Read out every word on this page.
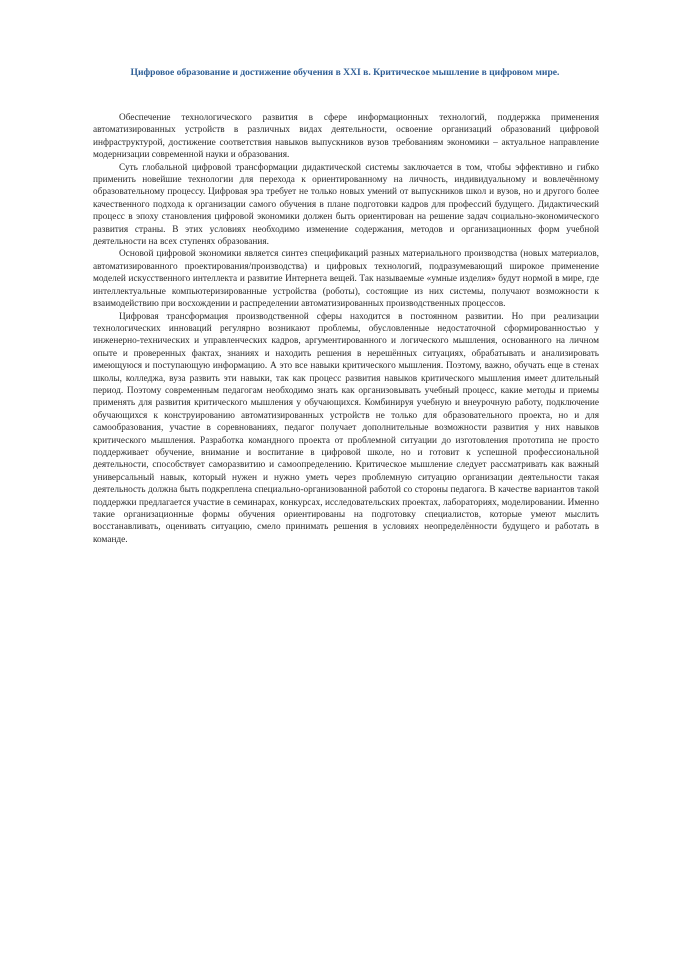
Цифровое образование и достижение обучения в XXI в. Критическое мышление в цифровом мире.

Обеспечение технологического развития в сфере информационных технологий, поддержка применения автоматизированных устройств в различных видах деятельности, освоение организаций образований цифровой инфраструктурой, достижение соответствия навыков выпускников вузов требованиям экономики – актуальное направление модернизации современной науки и образования.

Суть глобальной цифровой трансформации дидактической системы заключается в том, чтобы эффективно и гибко применить новейшие технологии для перехода к ориентированному на личность, индивидуальному и вовлечённому образовательному процессу. Цифровая эра требует не только новых умений от выпускников школ и вузов, но и другого более качественного подхода к организации самого обучения в плане подготовки кадров для профессий будущего. Дидактический процесс в эпоху становления цифровой экономики должен быть ориентирован на решение задач социально-экономического развития страны. В этих условиях необходимо изменение содержания, методов и организационных форм учебной деятельности на всех ступенях образования.

Основой цифровой экономики является синтез спецификаций разных материального производства (новых материалов, автоматизированного проектирования/производства) и цифровых технологий, подразумевающий широкое применение моделей искусственного интеллекта и развитие Интернета вещей. Так называемые «умные изделия» будут нормой в мире, где интеллектуальные компьютеризированные устройства (роботы), состоящие из них системы, получают возможности к взаимодействию при восхождении и распределении автоматизированных производственных процессов.

Цифровая трансформация производственной сферы находится в постоянном развитии. Но при реализации технологических инноваций регулярно возникают проблемы, обусловленные недостаточной сформированностью у инженерно-технических и управленческих кадров, аргументированного и логического мышления, основанного на личном опыте и проверенных фактах, знаниях и находить решения в нерешённых ситуациях, обрабатывать и анализировать имеющуюся и поступающую информацию. А это все навыки критического мышления. Поэтому, важно, обучать еще в стенах школы, колледжа, вуза развить эти навыки, так как процесс развития навыков критического мышления имеет длительный период. Поэтому современным педагогам необходимо знать как организовывать учебный процесс, какие методы и приемы применять для развития критического мышления у обучающихся. Комбинируя учебную и внеурочную работу, подключение обучающихся к конструированию автоматизированных устройств не только для образовательного проекта, но и для самообразования, участие в соревнованиях, педагог получает дополнительные возможности развития у них навыков критического мышления. Разработка командного проекта от проблемной ситуации до изготовления прототипа не просто поддерживает обучение, внимание и воспитание в цифровой школе, но и готовит к успешной профессиональной деятельности, способствует саморазвитию и самоопределению. Критическое мышление следует рассматривать как важный универсальный навык, который нужен и нужно уметь через проблемную ситуацию организации деятельности такая деятельность должна быть подкреплена специально-организованной работой со стороны педагога. В качестве вариантов такой поддержки предлагается участие в семинарах, конкурсах, исследовательских проектах, лабораториях, моделировании. Именно такие организационные формы обучения ориентированы на подготовку специалистов, которые умеют мыслить восстанавливать, оценивать ситуацию, смело принимать решения в условиях неопределённости будущего и работать в команде.
